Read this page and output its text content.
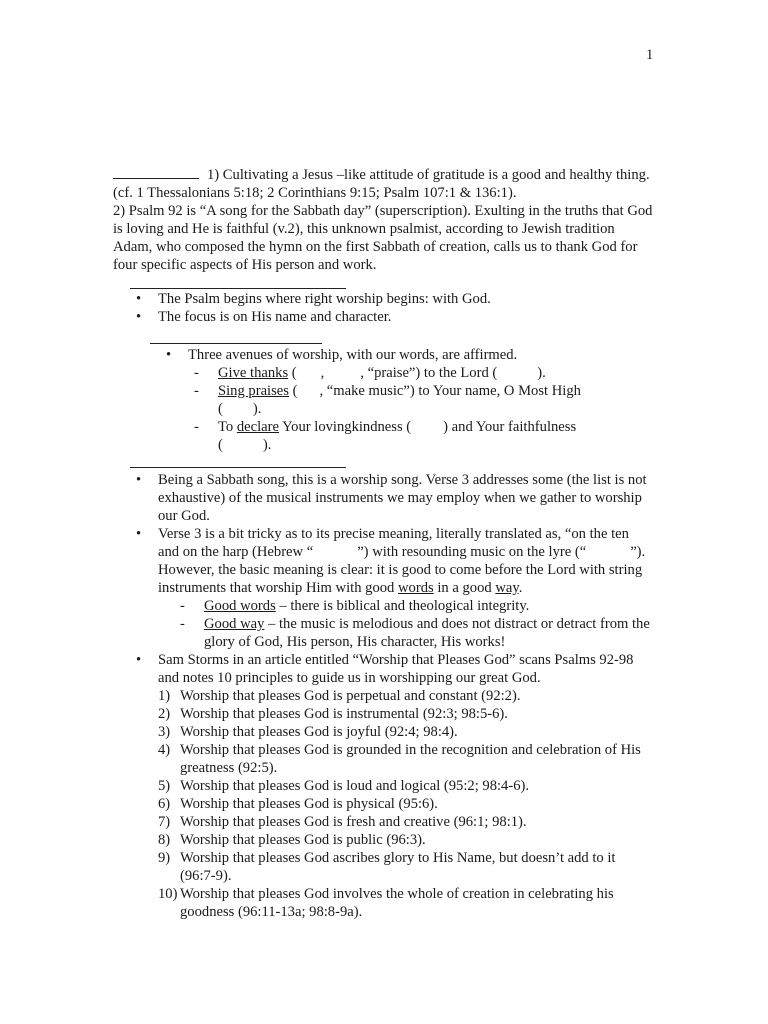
1

1) Cultivating a Jesus –like attitude of gratitude is a good and healthy thing. (cf. 1 Thessalonians 5:18; 2 Corinthians 9:15; Psalm 107:1 & 136:1).

2) Psalm 92 is “A song for the Sabbath day” (superscription). Exulting in the truths that God is loving and He is faithful (v.2), this unknown psalmist, according to Jewish tradition Adam, who composed the hymn on the first Sabbath of creation, calls us to thank God for four specific aspects of His person and work.

• The Psalm begins where right worship begins: with God.
• The focus is on His name and character.
• Three avenues of worship, with our words, are affirmed.
- Give thanks ( , , “praise”) to the Lord (	).
- Sing praises ( , “make music”) to Your name, O Most High
( ).
- To declare Your lovingkindness ( ) and Your faithfulness
(	).
• Being a Sabbath song, this is a worship song. Verse 3 addresses some (the list is not exhaustive) of the musical instruments we may employ when we gather to worship our God.
• Verse 3 is a bit tricky as to its precise meaning, literally translated as, “on the ten and on the harp (Hebrew “	”) with resounding music on the lyre (“	”). However, the basic meaning is clear: it is good to come before the Lord with string instruments that worship Him with good words in a good way.
- Good words – there is biblical and theological integrity.
- Good way – the music is melodious and does not distract or detract from the glory of God, His person, His character, His works!
• Sam Storms in an article entitled “Worship that Pleases God” scans Psalms 92-98 and notes 10 principles to guide us in worshipping our great God.
1) Worship that pleases God is perpetual and constant (92:2).
2) Worship that pleases God is instrumental (92:3; 98:5-6).
3) Worship that pleases God is joyful (92:4; 98:4).
4) Worship that pleases God is grounded in the recognition and celebration of His greatness (92:5).
5) Worship that pleases God is loud and logical (95:2; 98:4-6).
6) Worship that pleases God is physical (95:6).
7) Worship that pleases God is fresh and creative (96:1; 98:1).
8) Worship that pleases God is public (96:3).
9) Worship that pleases God ascribes glory to His Name, but doesn’t add to it (96:7-9).
10) Worship that pleases God involves the whole of creation in celebrating his goodness (96:11-13a; 98:8-9a).
